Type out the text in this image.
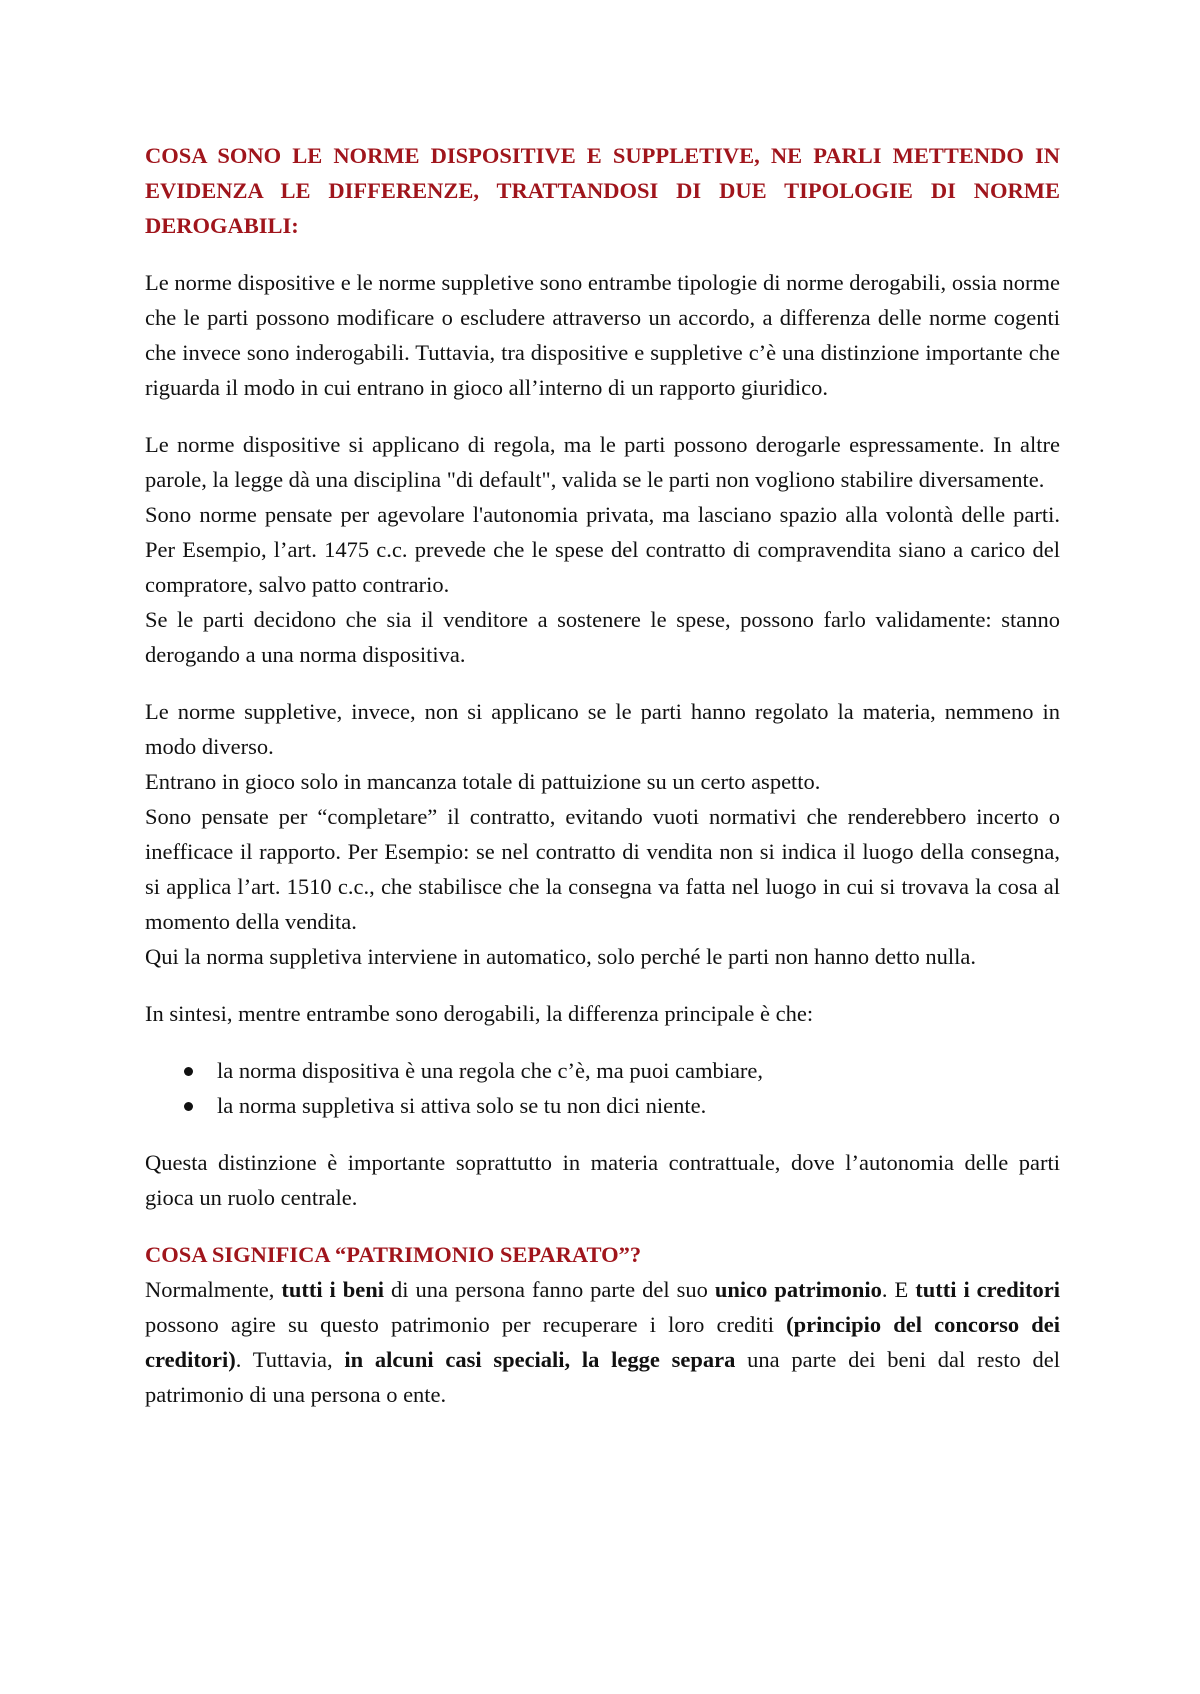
COSA SONO LE NORME DISPOSITIVE E SUPPLETIVE, NE PARLI METTENDO IN EVIDENZA LE DIFFERENZE, TRATTANDOSI DI DUE TIPOLOGIE DI NORME DEROGABILI:

Le norme dispositive e le norme suppletive sono entrambe tipologie di norme derogabili, ossia norme che le parti possono modificare o escludere attraverso un accordo, a differenza delle norme cogenti che invece sono inderogabili. Tuttavia, tra dispositive e suppletive c’è una distinzione importante che riguarda il modo in cui entrano in gioco all’interno di un rapporto giuridico.

Le norme dispositive si applicano di regola, ma le parti possono derogarle espressamente. In altre parole, la legge dà una disciplina "di default", valida se le parti non vogliono stabilire diversamente.

Sono norme pensate per agevolare l'autonomia privata, ma lasciano spazio alla volontà delle parti. Per Esempio, l’art. 1475 c.c. prevede che le spese del contratto di compravendita siano a carico del compratore, salvo patto contrario.

Se le parti decidono che sia il venditore a sostenere le spese, possono farlo validamente: stanno derogando a una norma dispositiva.

Le norme suppletive, invece, non si applicano se le parti hanno regolato la materia, nemmeno in modo diverso.

Entrano in gioco solo in mancanza totale di pattuizione su un certo aspetto.

Sono pensate per “completare” il contratto, evitando vuoti normativi che renderebbero incerto o inefficace il rapporto. Per Esempio: se nel contratto di vendita non si indica il luogo della consegna, si applica l’art. 1510 c.c., che stabilisce che la consegna va fatta nel luogo in cui si trovava la cosa al momento della vendita.

Qui la norma suppletiva interviene in automatico, solo perché le parti non hanno detto nulla.

In sintesi, mentre entrambe sono derogabili, la differenza principale è che:

la norma dispositiva è una regola che c’è, ma puoi cambiare,
la norma suppletiva si attiva solo se tu non dici niente.

Questa distinzione è importante soprattutto in materia contrattuale, dove l’autonomia delle parti gioca un ruolo centrale.

COSA SIGNIFICA “PATRIMONIO SEPARATO”?

Normalmente, tutti i beni di una persona fanno parte del suo unico patrimonio. E tutti i creditori possono agire su questo patrimonio per recuperare i loro crediti (principio del concorso dei creditori). Tuttavia, in alcuni casi speciali, la legge separa una parte dei beni dal resto del patrimonio di una persona o ente.
